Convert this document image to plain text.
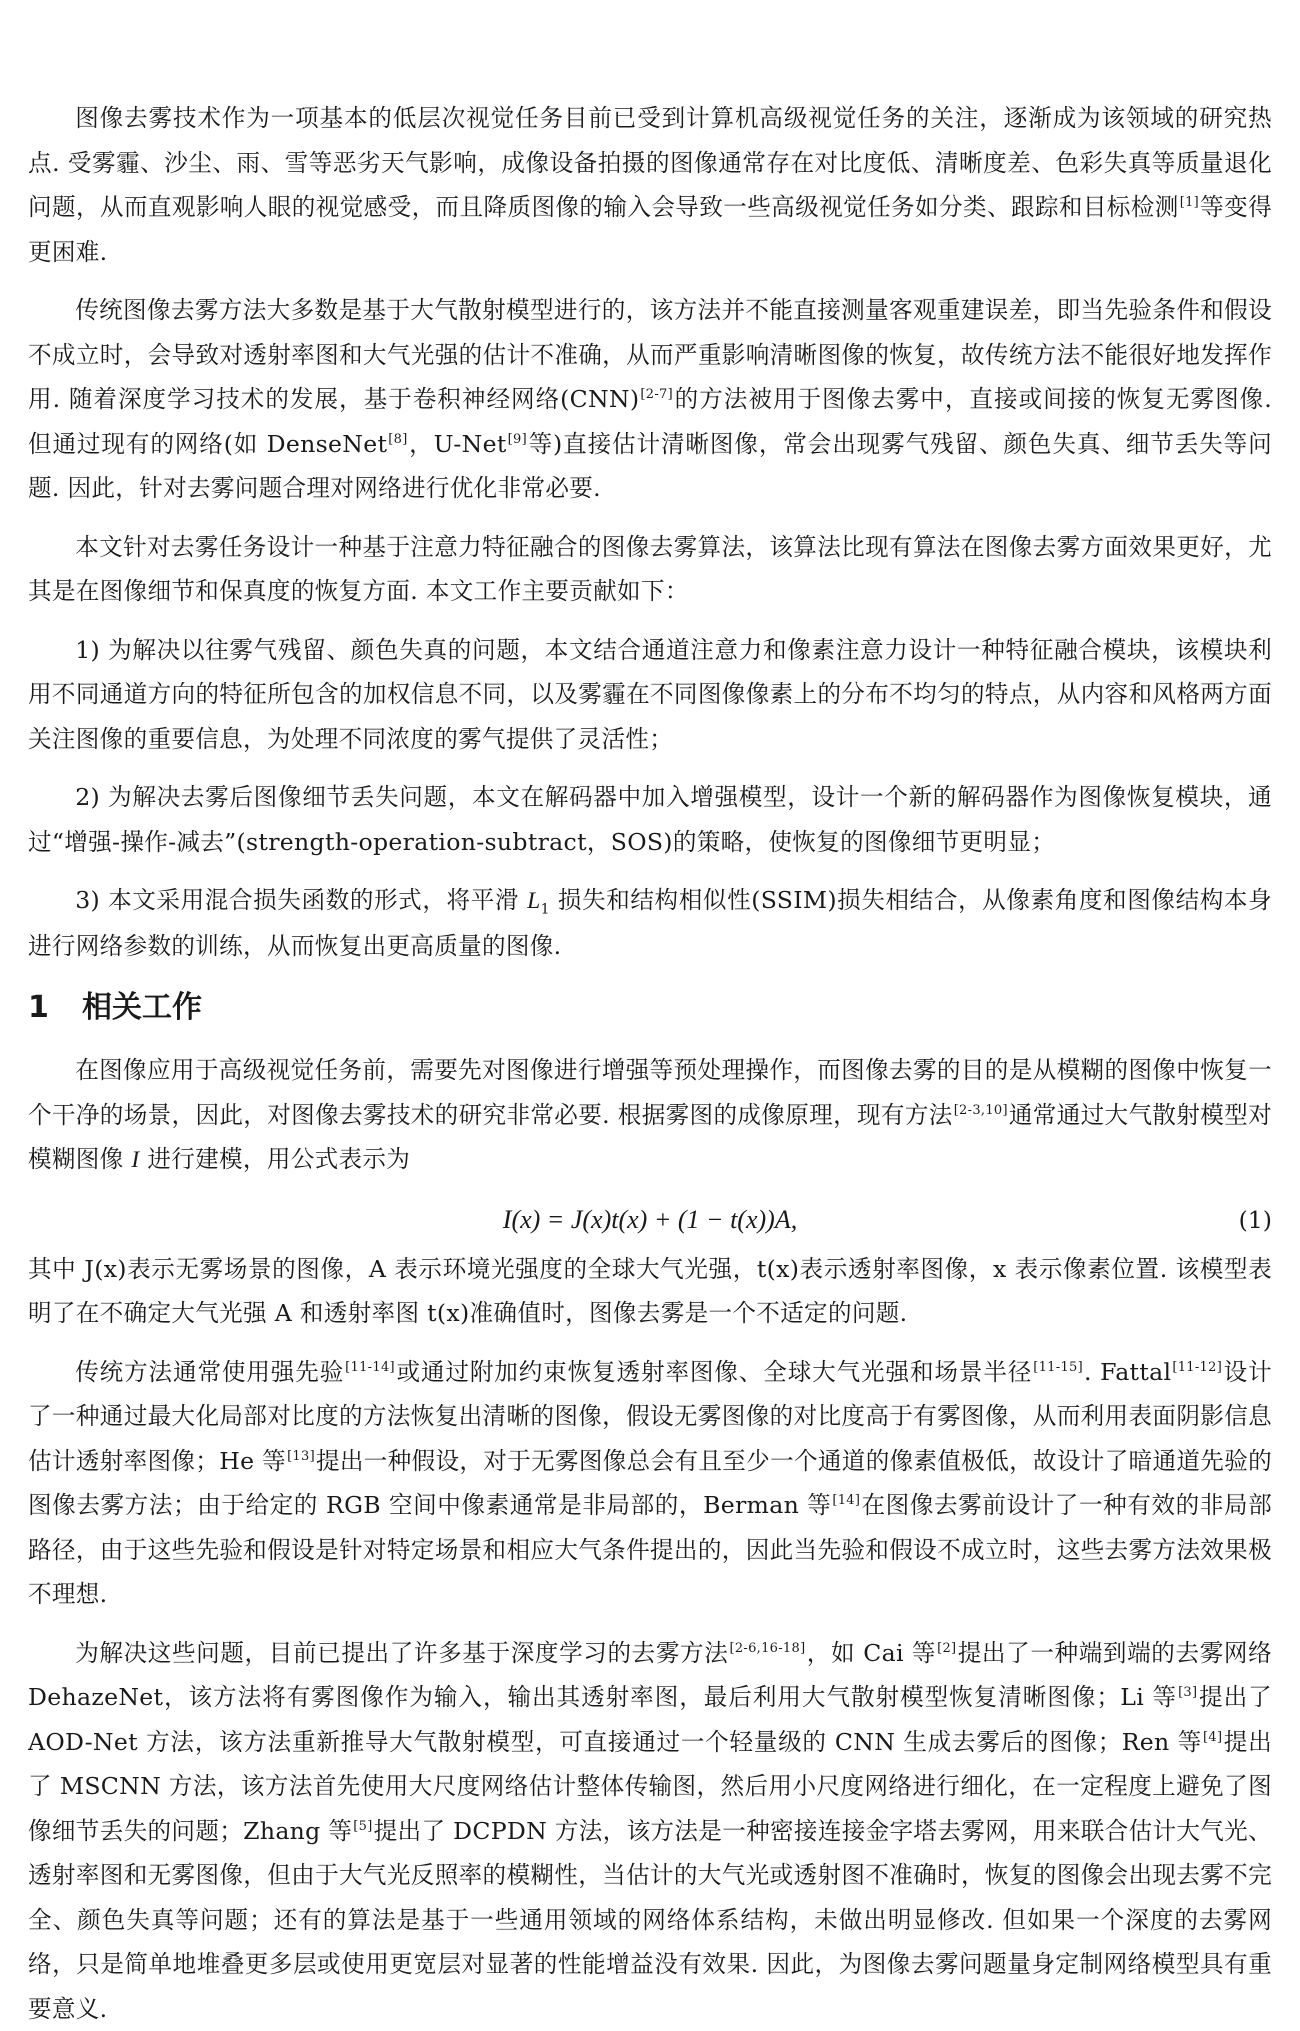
图像去雾技术作为一项基本的低层次视觉任务目前已受到计算机高级视觉任务的关注，逐渐成为该领域的研究热点. 受雾霾、沙尘、雨、雪等恶劣天气影响，成像设备拍摄的图像通常存在对比度低、清晰度差、色彩失真等质量退化问题，从而直观影响人眼的视觉感受，而且降质图像的输入会导致一些高级视觉任务如分类、跟踪和目标检测[1]等变得更困难.

传统图像去雾方法大多数是基于大气散射模型进行的，该方法并不能直接测量客观重建误差，即当先验条件和假设不成立时，会导致对透射率图和大气光强的估计不准确，从而严重影响清晰图像的恢复，故传统方法不能很好地发挥作用. 随着深度学习技术的发展，基于卷积神经网络(CNN)[2-7]的方法被用于图像去雾中，直接或间接的恢复无雾图像. 但通过现有的网络(如 DenseNet[8]，U-Net[9]等)直接估计清晰图像，常会出现雾气残留、颜色失真、细节丢失等问题. 因此，针对去雾问题合理对网络进行优化非常必要.

本文针对去雾任务设计一种基于注意力特征融合的图像去雾算法，该算法比现有算法在图像去雾方面效果更好，尤其是在图像细节和保真度的恢复方面. 本文工作主要贡献如下：

1) 为解决以往雾气残留、颜色失真的问题，本文结合通道注意力和像素注意力设计一种特征融合模块，该模块利用不同通道方向的特征所包含的加权信息不同，以及雾霾在不同图像像素上的分布不均匀的特点，从内容和风格两方面关注图像的重要信息，为处理不同浓度的雾气提供了灵活性；

2) 为解决去雾后图像细节丢失问题，本文在解码器中加入增强模型，设计一个新的解码器作为图像恢复模块，通过“增强-操作-减去”(strength-operation-subtract，SOS)的策略，使恢复的图像细节更明显；

3) 本文采用混合损失函数的形式，将平滑 $L_1$ 损失和结构相似性(SSIM)损失相结合，从像素角度和图像结构本身进行网络参数的训练，从而恢复出更高质量的图像.

1 相关工作

在图像应用于高级视觉任务前，需要先对图像进行增强等预处理操作，而图像去雾的目的是从模糊的图像中恢复一个干净的场景，因此，对图像去雾技术的研究非常必要. 根据雾图的成像原理，现有方法[2-3,10]通常通过大气散射模型对模糊图像 I 进行建模，用公式表示为

I(x) = J(x)t(x) + (1 − t(x))A,	(1)

其中 J(x)表示无雾场景的图像，A 表示环境光强度的全球大气光强，t(x)表示透射率图像，x 表示像素位置. 该模型表明了在不确定大气光强 A 和透射率图 t(x)准确值时，图像去雾是一个不适定的问题.

传统方法通常使用强先验[11-14]或通过附加约束恢复透射率图像、全球大气光强和场景半径[11-15]. Fattal[11-12]设计了一种通过最大化局部对比度的方法恢复出清晰的图像，假设无雾图像的对比度高于有雾图像，从而利用表面阴影信息估计透射率图像；He 等[13]提出一种假设，对于无雾图像总会有且至少一个通道的像素值极低，故设计了暗通道先验的图像去雾方法；由于给定的 RGB 空间中像素通常是非局部的，Berman 等[14]在图像去雾前设计了一种有效的非局部路径，由于这些先验和假设是针对特定场景和相应大气条件提出的，因此当先验和假设不成立时，这些去雾方法效果极不理想.

为解决这些问题，目前已提出了许多基于深度学习的去雾方法[2-6,16-18]，如 Cai 等[2]提出了一种端到端的去雾网络 DehazeNet，该方法将有雾图像作为输入，输出其透射率图，最后利用大气散射模型恢复清晰图像；Li 等[3]提出了 AOD-Net 方法，该方法重新推导大气散射模型，可直接通过一个轻量级的 CNN 生成去雾后的图像；Ren 等[4]提出了 MSCNN 方法，该方法首先使用大尺度网络估计整体传输图，然后用小尺度网络进行细化，在一定程度上避免了图像细节丢失的问题；Zhang 等[5]提出了 DCPDN 方法，该方法是一种密接连接金字塔去雾网，用来联合估计大气光、透射率图和无雾图像，但由于大气光反照率的模糊性，当估计的大气光或透射图不准确时，恢复的图像会出现去雾不完全、颜色失真等问题；还有的算法是基于一些通用领域的网络体系结构，未做出明显修改. 但如果一个深度的去雾网络，只是简单地堆叠更多层或使用更宽层对显著的性能增益没有效果. 因此，为图像去雾问题量身定制网络模型具有重要意义.
